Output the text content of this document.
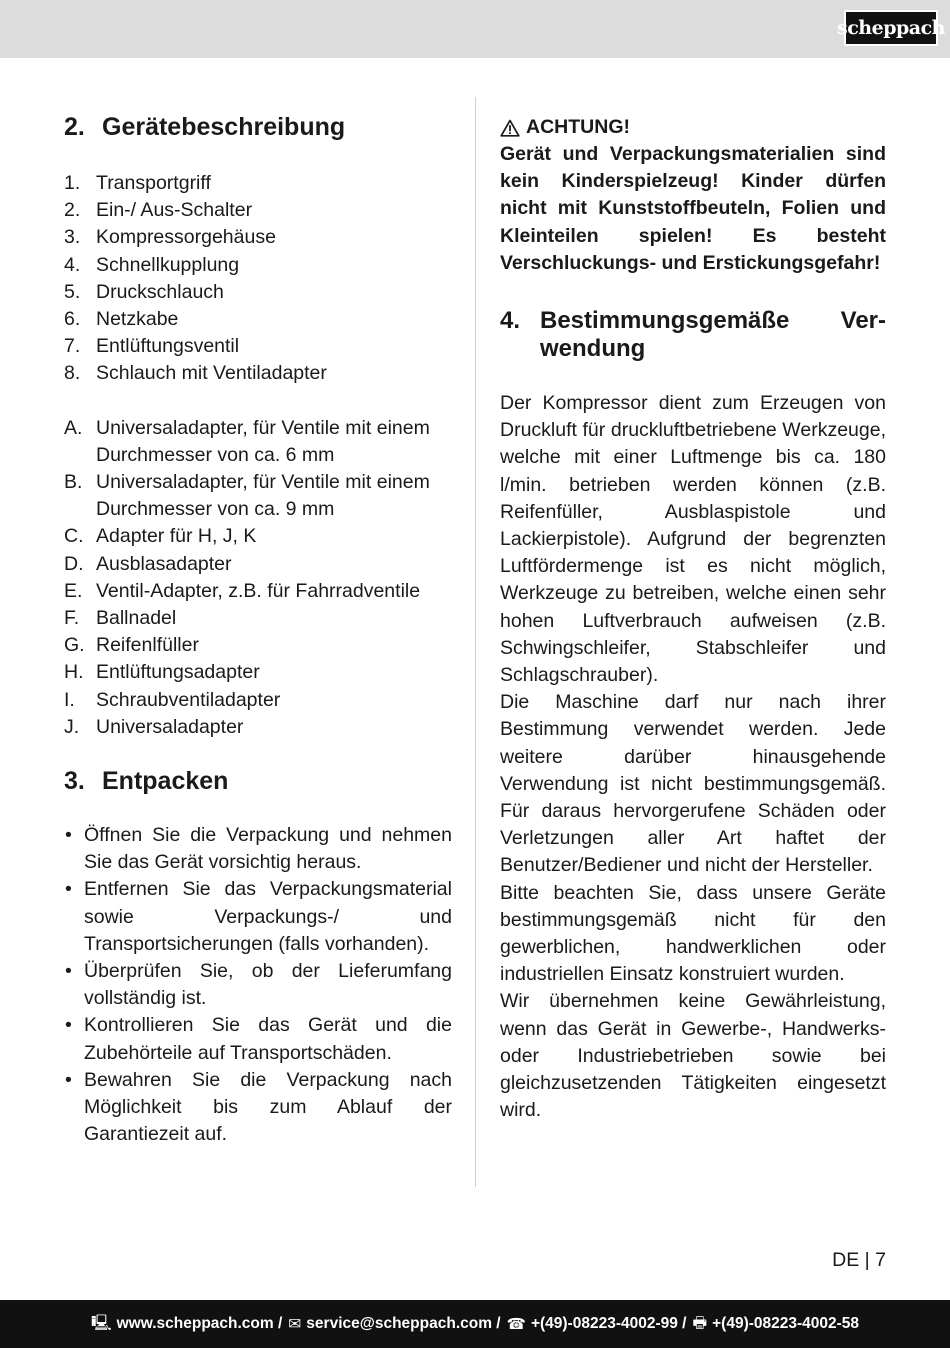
scheppach
2. Gerätebeschreibung
1. Transportgriff
2. Ein-/ Aus-Schalter
3. Kompressorgehäuse
4. Schnellkupplung
5. Druckschlauch
6. Netzkabe
7. Entlüftungsventil
8. Schlauch mit Ventiladapter
A. Universaladapter, für Ventile mit einem Durchmesser von ca. 6 mm
B. Universaladapter, für Ventile mit einem Durchmesser von ca. 9 mm
C. Adapter für H, J, K
D. Ausblasadapter
E. Ventil-Adapter, z.B. für Fahrradventile
F. Ballnadel
G. Reifenlfüller
H. Entlüftungsadapter
I.	Schraubventiladapter
J. Universaladapter
3. Entpacken
• Öffnen Sie die Verpackung und nehmen Sie das Gerät vorsichtig heraus.
• Entfernen Sie das Verpackungsmaterial sowie Verpackungs-/ und Transportsicherungen (falls vorhanden).
• Überprüfen Sie, ob der Lieferumfang vollständig ist.
• Kontrollieren Sie das Gerät und die Zubehörteile auf Transportschäden.
• Bewahren Sie die Verpackung nach Möglichkeit bis zum Ablauf der Garantiezeit auf.
ACHTUNG!

Gerät und Verpackungsmaterialien sind kein Kinderspielzeug! Kinder dürfen nicht mit Kunststoffbeuteln, Folien und Kleinteilen spielen! Es besteht Verschluckungs- und Erstickungsgefahr!

4. Bestimmungsgemäße Ver-
wendung

Der Kompressor dient zum Erzeugen von Druckluft für druckluftbetriebene Werkzeuge, welche mit einer Luftmenge bis ca. 180 l/min. betrieben werden können (z.B. Reifenfüller, Ausblaspistole und Lackierpistole). Aufgrund der begrenzten Luftfördermenge ist es nicht möglich, Werkzeuge zu betreiben, welche einen sehr hohen Luftverbrauch aufweisen (z.B. Schwingschleifer, Stabschleifer und Schlagschrauber).

Die Maschine darf nur nach ihrer Bestimmung verwendet werden. Jede weitere darüber hinausgehende Verwendung ist nicht bestimmungsgemäß. Für daraus hervorgerufene Schäden oder Verletzungen aller Art haftet der Benutzer/Bediener und nicht der Hersteller.

Bitte beachten Sie, dass unsere Geräte bestimmungsgemäß nicht für den gewerblichen, handwerklichen oder industriellen Einsatz konstruiert wurden.

Wir übernehmen keine Gewährleistung, wenn das Gerät in Gewerbe-, Handwerks- oder Industriebetrieben sowie bei gleichzusetzenden Tätigkeiten eingesetzt wird.

DE | 7
🖳 www.scheppach.com / ✉ service@scheppach.com / ☎ +(49)-08223-4002-99 / 🖶 +(49)-08223-4002-58
